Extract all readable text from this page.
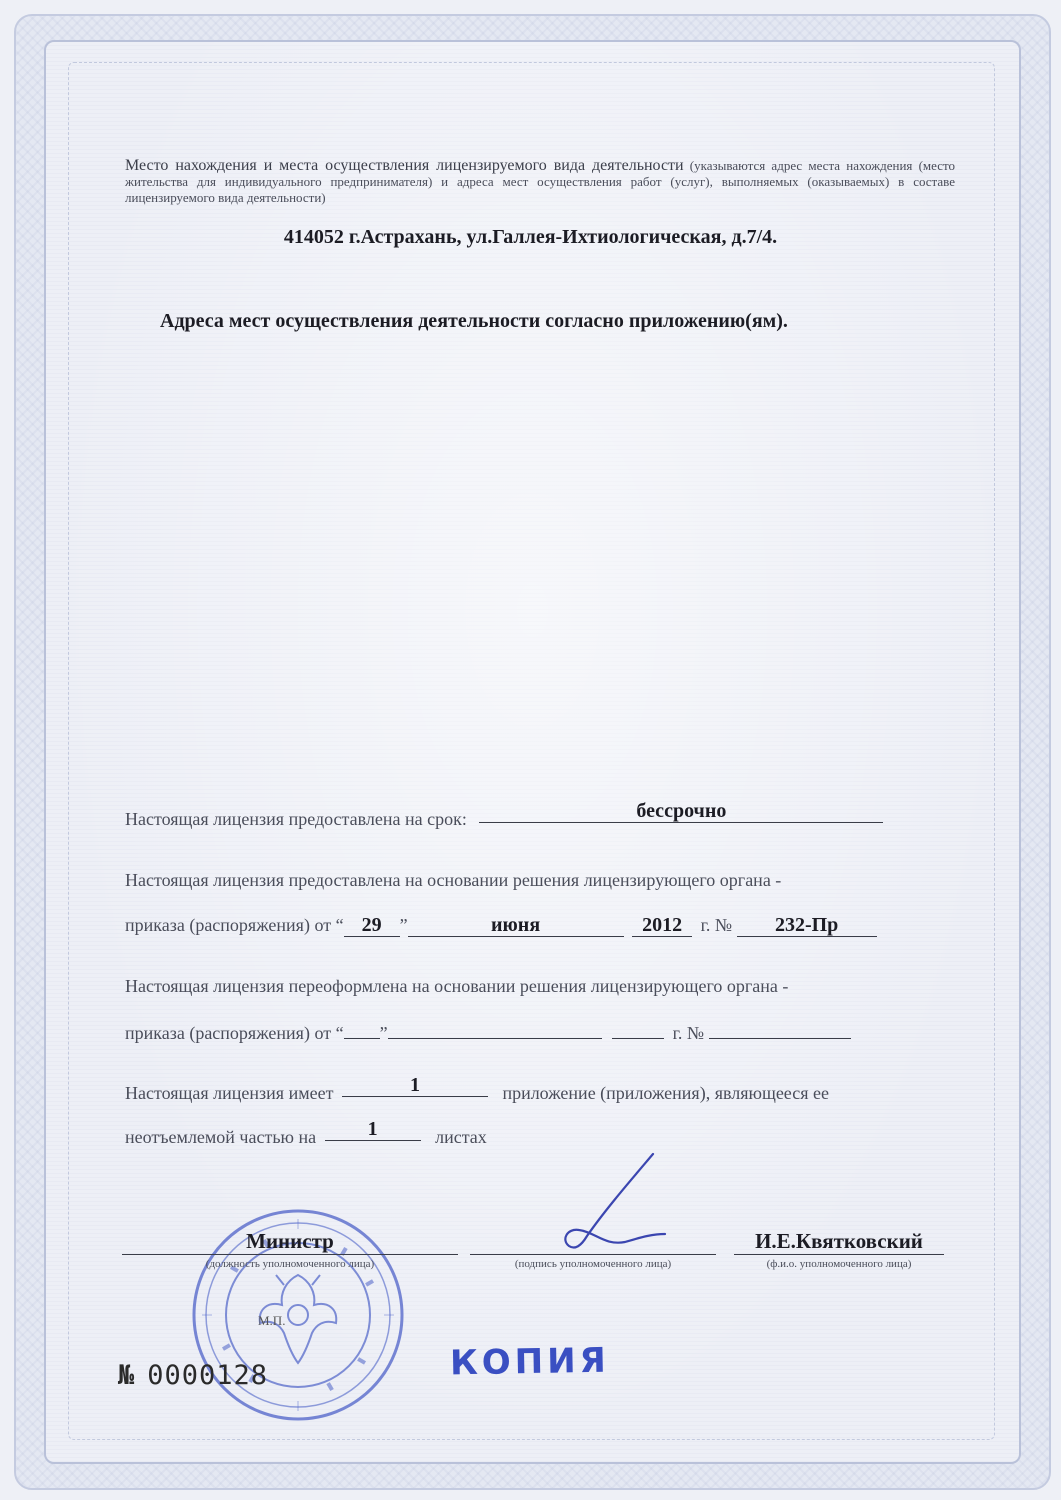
Место нахождения и места осуществления лицензируемого вида деятельности (указываются адрес места нахождения (место жительства для индивидуального предпринимателя) и адреса мест осуществления работ (услуг), выполняемых (оказываемых) в составе лицензируемого вида деятельности)
414052 г.Астрахань, ул.Галлея-Ихтиологическая, д.7/4.
Адреса мест осуществления деятельности согласно приложению(ям).
Настоящая лицензия предоставлена на срок:	бессрочно
Настоящая лицензия предоставлена на основании решения лицензирующего органа -
приказа (распоряжения) от “ 29 ”	июня	2012 г. № 232-Пр
Настоящая лицензия переоформлена на основании решения лицензирующего органа -
приказа (распоряжения) от “ ”	г. №
Настоящая лицензия имеет	1	приложение (приложения), являющееся ее
неотъемлемой частью на	1	листах
М.П.
Министр
(должность уполномоченного лица)	(подпись уполномоченного лица)
И.Е.Квятковский
(ф.и.о. уполномоченного лица)
№ 0000128	КОПИЯ
